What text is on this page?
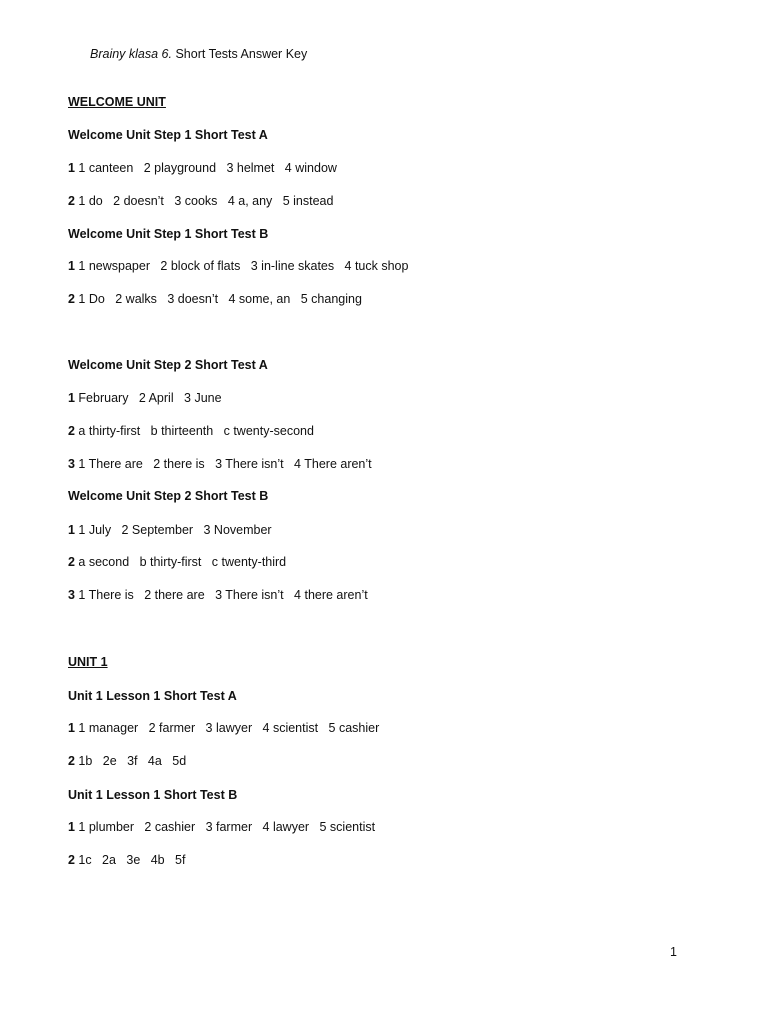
Brainy klasa 6. Short Tests Answer Key
WELCOME UNIT
Welcome Unit Step 1 Short Test A
1 1 canteen   2 playground   3 helmet   4 window
2 1 do   2 doesn’t   3 cooks   4 a, any   5 instead
Welcome Unit Step 1 Short Test B
1 1 newspaper   2 block of flats   3 in-line skates   4 tuck shop
2 1 Do   2 walks   3 doesn’t   4 some, an   5 changing
Welcome Unit Step 2 Short Test A
1 February   2 April   3 June
2 a thirty-first   b thirteenth   c twenty-second
3 1 There are   2 there is   3 There isn’t   4 There aren’t
Welcome Unit Step 2 Short Test B
1 1 July   2 September   3 November
2 a second   b thirty-first   c twenty-third
3 1 There is   2 there are   3 There isn’t   4 there aren’t
UNIT 1
Unit 1 Lesson 1 Short Test A
1 1 manager   2 farmer   3 lawyer   4 scientist   5 cashier
2 1b   2e   3f   4a   5d
Unit 1 Lesson 1 Short Test B
1 1 plumber   2 cashier   3 farmer   4 lawyer   5 scientist
2 1c   2a   3e   4b   5f
1
